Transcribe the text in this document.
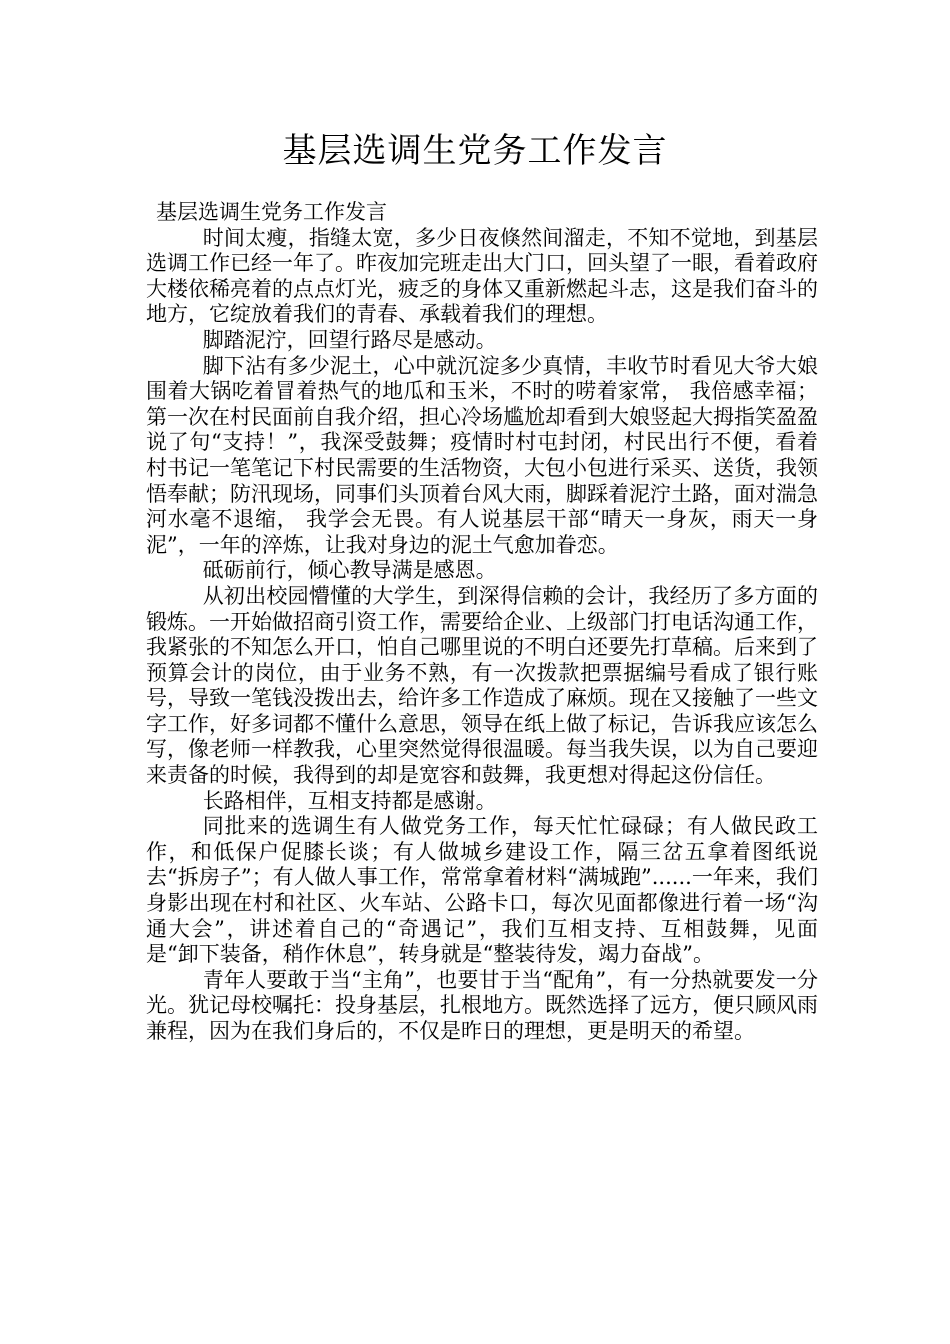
基层选调生党务工作发言

基层选调生党务工作发言

时间太瘦，指缝太宽，多少日夜倏然间溜走，不知不觉地，到基层选调工作已经一年了。昨夜加完班走出大门口，回头望了一眼，看着政府大楼依稀亮着的点点灯光，疲乏的身体又重新燃起斗志，这是我们奋斗的地方，它绽放着我们的青春、承载着我们的理想。

脚踏泥泞，回望行路尽是感动。

脚下沾有多少泥土，心中就沉淀多少真情，丰收节时看见大爷大娘围着大锅吃着冒着热气的地瓜和玉米，不时的唠着家常， 我倍感幸福；第一次在村民面前自我介绍，担心冷场尴尬却看到大娘竖起大拇指笑盈盈说了句“支持！”，我深受鼓舞；疫情时村屯封闭，村民出行不便，看着村书记一笔笔记下村民需要的生活物资，大包小包进行采买、送货，我领悟奉献；防汛现场，同事们头顶着台风大雨，脚踩着泥泞土路，面对湍急河水毫不退缩， 我学会无畏。有人说基层干部“晴天一身灰，雨天一身泥”，一年的淬炼，让我对身边的泥土气愈加眷恋。

砥砺前行，倾心教导满是感恩。

从初出校园懵懂的大学生，到深得信赖的会计，我经历了多方面的锻炼。一开始做招商引资工作，需要给企业、上级部门打电话沟通工作，我紧张的不知怎么开口，怕自己哪里说的不明白还要先打草稿。后来到了预算会计的岗位，由于业务不熟，有一次拨款把票据编号看成了银行账号，导致一笔钱没拨出去，给许多工作造成了麻烦。现在又接触了一些文字工作，好多词都不懂什么意思，领导在纸上做了标记，告诉我应该怎么写，像老师一样教我，心里突然觉得很温暖。每当我失误，以为自己要迎来责备的时候，我得到的却是宽容和鼓舞，我更想对得起这份信任。

长路相伴，互相支持都是感谢。

同批来的选调生有人做党务工作，每天忙忙碌碌；有人做民政工作，和低保户促膝长谈；有人做城乡建设工作，隔三岔五拿着图纸说去“拆房子”；有人做人事工作，常常拿着材料“满城跑”......一年来，我们身影出现在村和社区、火车站、公路卡口，每次见面都像进行着一场“沟通大会”，讲述着自己的“奇遇记”，我们互相支持、互相鼓舞，见面是“卸下装备，稍作休息”，转身就是“整装待发，竭力奋战”。

青年人要敢于当“主角”，也要甘于当“配角”，有一分热就要发一分光。犹记母校嘱托：投身基层，扎根地方。既然选择了远方，便只顾风雨兼程，因为在我们身后的，不仅是昨日的理想，更是明天的希望。
